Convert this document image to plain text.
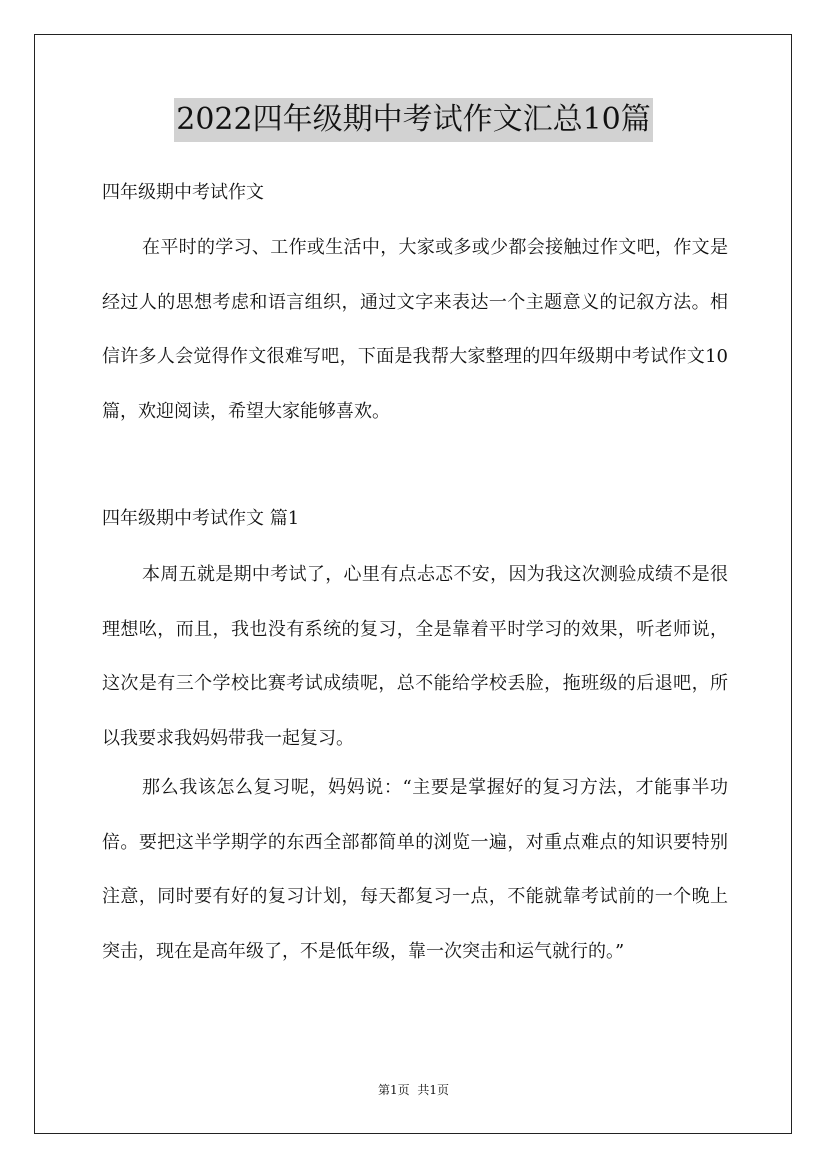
2022四年级期中考试作文汇总10篇
四年级期中考试作文

在平时的学习、工作或生活中，大家或多或少都会接触过作文吧，作文是经过人的思想考虑和语言组织，通过文字来表达一个主题意义的记叙方法。相信许多人会觉得作文很难写吧，下面是我帮大家整理的四年级期中考试作文10篇，欢迎阅读，希望大家能够喜欢。

四年级期中考试作文 篇1

本周五就是期中考试了，心里有点忐忑不安，因为我这次测验成绩不是很理想吆，而且，我也没有系统的复习，全是靠着平时学习的效果，听老师说，这次是有三个学校比赛考试成绩呢，总不能给学校丢脸，拖班级的后退吧，所以我要求我妈妈带我一起复习。

那么我该怎么复习呢，妈妈说：“主要是掌握好的复习方法，才能事半功倍。要把这半学期学的东西全部都简单的浏览一遍，对重点难点的知识要特别注意，同时要有好的复习计划，每天都复习一点，不能就靠考试前的一个晚上突击，现在是高年级了，不是低年级，靠一次突击和运气就行的。”

第1页 共1页
